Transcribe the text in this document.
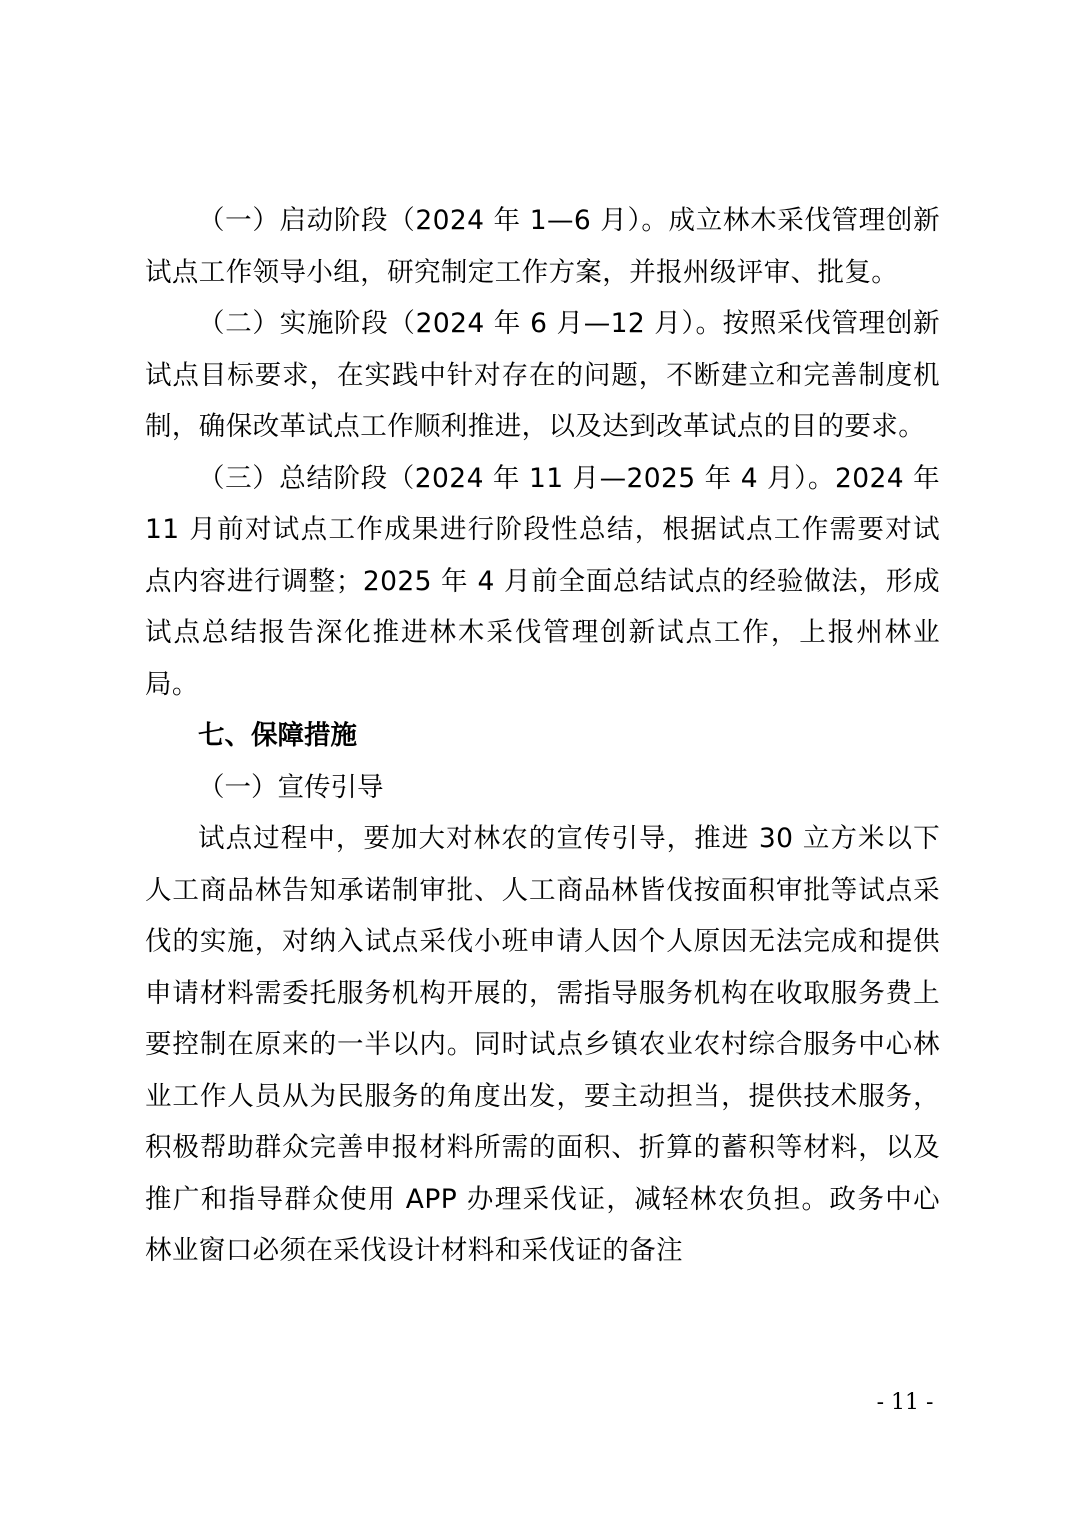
（一）启动阶段（2024 年 1—6 月）。成立林木采伐管理创新试点工作领导小组，研究制定工作方案，并报州级评审、批复。

（二）实施阶段（2024 年 6 月—12 月）。按照采伐管理创新试点目标要求，在实践中针对存在的问题，不断建立和完善制度机制，确保改革试点工作顺利推进，以及达到改革试点的目的要求。

（三）总结阶段（2024 年 11 月—2025 年 4 月）。2024 年 11 月前对试点工作成果进行阶段性总结，根据试点工作需要对试点内容进行调整；2025 年 4 月前全面总结试点的经验做法，形成试点总结报告深化推进林木采伐管理创新试点工作，上报州林业局。

七、保障措施

（一）宣传引导

试点过程中，要加大对林农的宣传引导，推进 30 立方米以下人工商品林告知承诺制审批、人工商品林皆伐按面积审批等试点采伐的实施，对纳入试点采伐小班申请人因个人原因无法完成和提供申请材料需委托服务机构开展的，需指导服务机构在收取服务费上要控制在原来的一半以内。同时试点乡镇农业农村综合服务中心林业工作人员从为民服务的角度出发，要主动担当，提供技术服务，积极帮助群众完善申报材料所需的面积、折算的蓄积等材料，以及推广和指导群众使用 APP 办理采伐证，减轻林农负担。政务中心林业窗口必须在采伐设计材料和采伐证的备注

- 11 -
